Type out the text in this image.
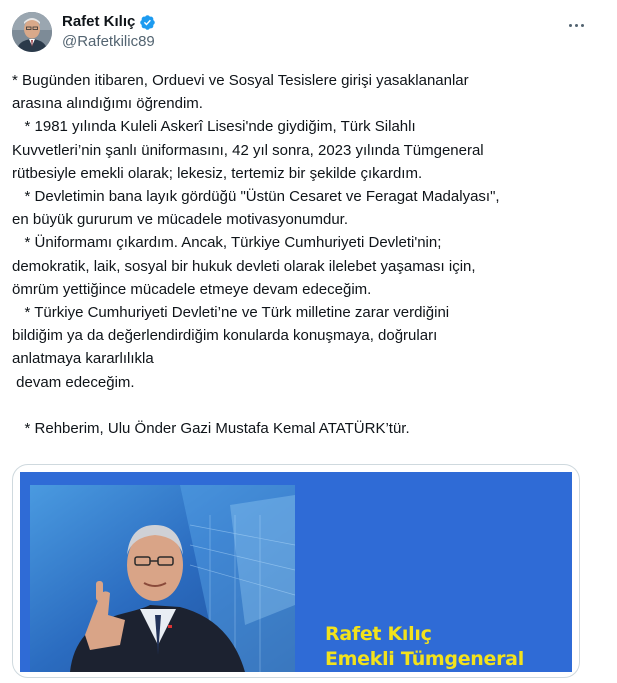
Rafet Kılıç
@Rafetkilic89

* Bugünden itibaren, Orduevi ve Sosyal Tesislere girişi yasaklananlar
arasına alındığımı öğrendim.
* 1981 yılında Kuleli Askerî Lisesi'nde giydiğim, Türk Silahlı
Kuvvetleri’nin şanlı üniformasını, 42 yıl sonra, 2023 yılında Tümgeneral
rütbesiyle emekli olarak; lekesiz, tertemiz bir şekilde çıkardım.
* Devletimin bana layık gördüğü "Üstün Cesaret ve Feragat Madalyası",
en büyük gururum ve mücadele motivasyonumdur.
* Üniformamı çıkardım. Ancak, Türkiye Cumhuriyeti Devleti'nin;
demokratik, laik, sosyal bir hukuk devleti olarak ilelebet yaşaması için,
ömrüm yettiğince mücadele etmeye devam edeceğim.
* Türkiye Cumhuriyeti Devleti’ne ve Türk milletine zarar verdiğini
bildiğim ya da değerlendirdiğim konularda konuşmaya, doğruları
anlatmaya kararlılıkla
devam edeceğim.

* Rehberim, Ulu Önder Gazi Mustafa Kemal ATATÜRK’tür.

Rafet Kılıç
Emekli Tümgeneral
